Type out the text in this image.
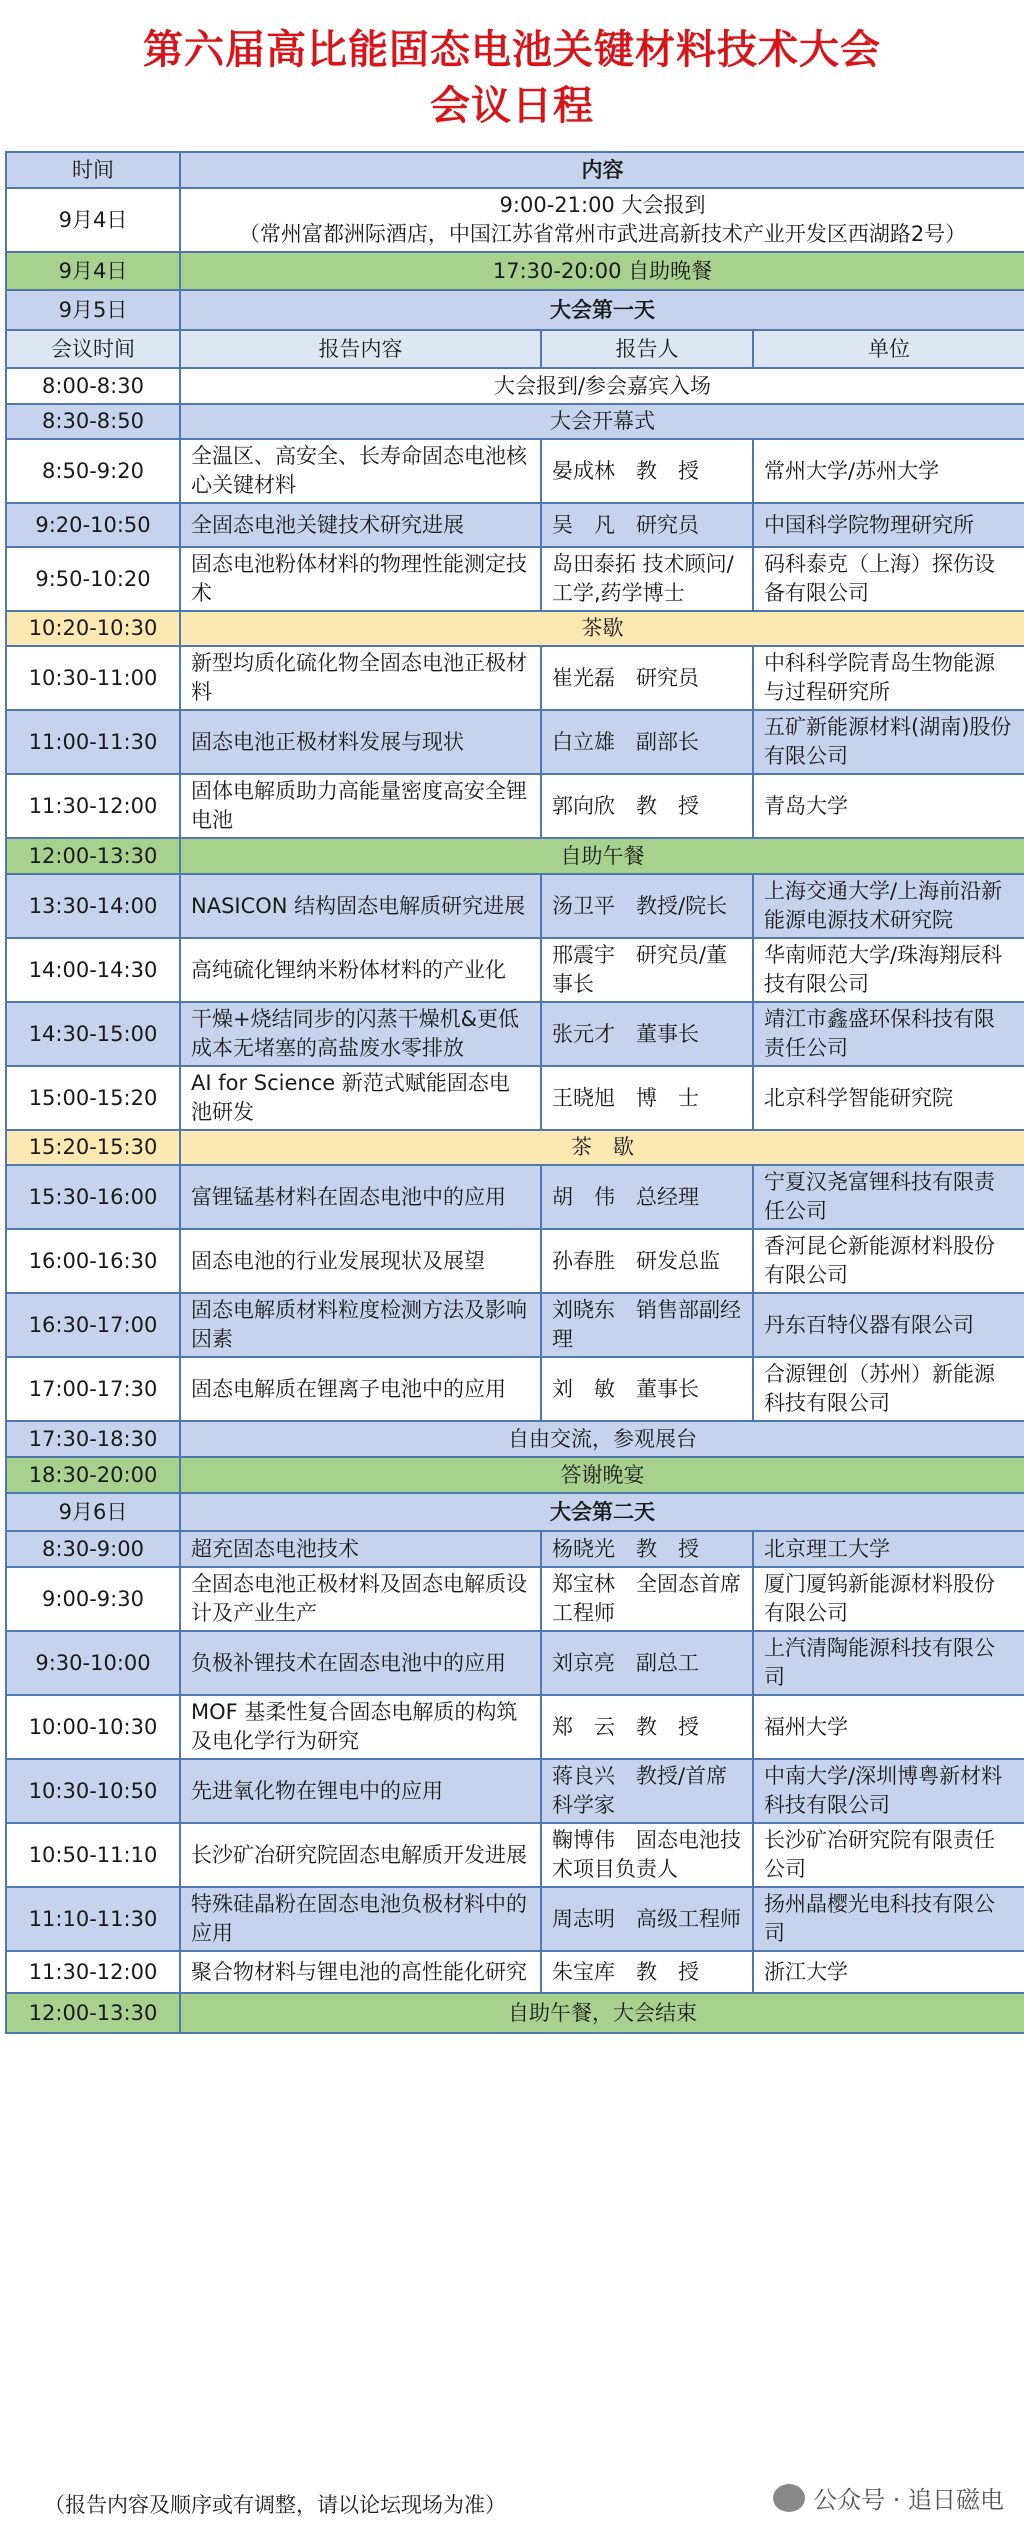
第六届高比能固态电池关键材料技术大会
会议日程
时间	内容		
9月4日	9:00-21:00 大会报到
（常州富都洲际酒店，中国江苏省常州市武进高新技术产业开发区西湖路2号）		

9月4日	17:30-20:00 自助晚餐		
9月5日	大会第一天		
会议时间	报告内容	报告人	单位
8:00-8:30	大会报到/参会嘉宾入场		
8:30-8:50	大会开幕式		
8:50-9:20	全温区、高安全、长寿命固态电池核心关键材料	晏成林　教　授	常州大学/苏州大学
9:20-10:50	全固态电池关键技术研究进展	吴　凡　研究员	中国科学院物理研究所
9:50-10:20	固态电池粉体材料的物理性能测定技术	岛田泰拓 技术顾问/工学,药学博士	码科泰克（上海）探伤设备有限公司
10:20-10:30	茶歇		
10:30-11:00	新型均质化硫化物全固态电池正极材料	崔光磊　研究员	中科科学院青岛生物能源与过程研究所
11:00-11:30	固态电池正极材料发展与现状	白立雄　副部长	五矿新能源材料(湖南)股份有限公司
11:30-12:00	固体电解质助力高能量密度高安全锂电池	郭向欣　教　授	青岛大学
12:00-13:30	自助午餐		
13:30-14:00	NASICON 结构固态电解质研究进展	汤卫平　教授/院长	上海交通大学/上海前沿新能源电源技术研究院
14:00-14:30	高纯硫化锂纳米粉体材料的产业化	邢震宇　研究员/董事长	华南师范大学/珠海翔辰科技有限公司
14:30-15:00	干燥+烧结同步的闪蒸干燥机&更低成本无堵塞的高盐废水零排放	张元才　董事长	靖江市鑫盛环保科技有限责任公司
15:00-15:20	AI for Science 新范式赋能固态电池研发	王晓旭　博　士	北京科学智能研究院
15:20-15:30	茶　歇		
15:30-16:00	富锂锰基材料在固态电池中的应用	胡　伟　总经理	宁夏汉尧富锂科技有限责任公司
16:00-16:30	固态电池的行业发展现状及展望	孙春胜　研发总监	香河昆仑新能源材料股份有限公司
16:30-17:00	固态电解质材料粒度检测方法及影响因素	刘晓东　销售部副经理	丹东百特仪器有限公司
17:00-17:30	固态电解质在锂离子电池中的应用	刘　敏　董事长	合源锂创（苏州）新能源科技有限公司
17:30-18:30	自由交流，参观展台		
18:30-20:00	答谢晚宴		
9月6日	大会第二天		
8:30-9:00	超充固态电池技术	杨晓光　教　授	北京理工大学
9:00-9:30	全固态电池正极材料及固态电解质设计及产业生产	郑宝林　全固态首席工程师	厦门厦钨新能源材料股份有限公司
9:30-10:00	负极补锂技术在固态电池中的应用	刘京亮　副总工	上汽清陶能源科技有限公司
10:00-10:30	MOF 基柔性复合固态电解质的构筑及电化学行为研究	郑　云　教　授	福州大学
10:30-10:50	先进氧化物在锂电中的应用	蒋良兴　教授/首席科学家	中南大学/深圳博粤新材料科技有限公司
10:50-11:10	长沙矿冶研究院固态电解质开发进展	鞠博伟　固态电池技术项目负责人	长沙矿冶研究院有限责任公司
11:10-11:30	特殊硅晶粉在固态电池负极材料中的应用	周志明　高级工程师	扬州晶樱光电科技有限公司
11:30-12:00	聚合物材料与锂电池的高性能化研究	朱宝库　教　授	浙江大学
12:00-13:30	自助午餐，大会结束		
（报告内容及顺序或有调整，请以论坛现场为准）	公众号 · 追日磁电
